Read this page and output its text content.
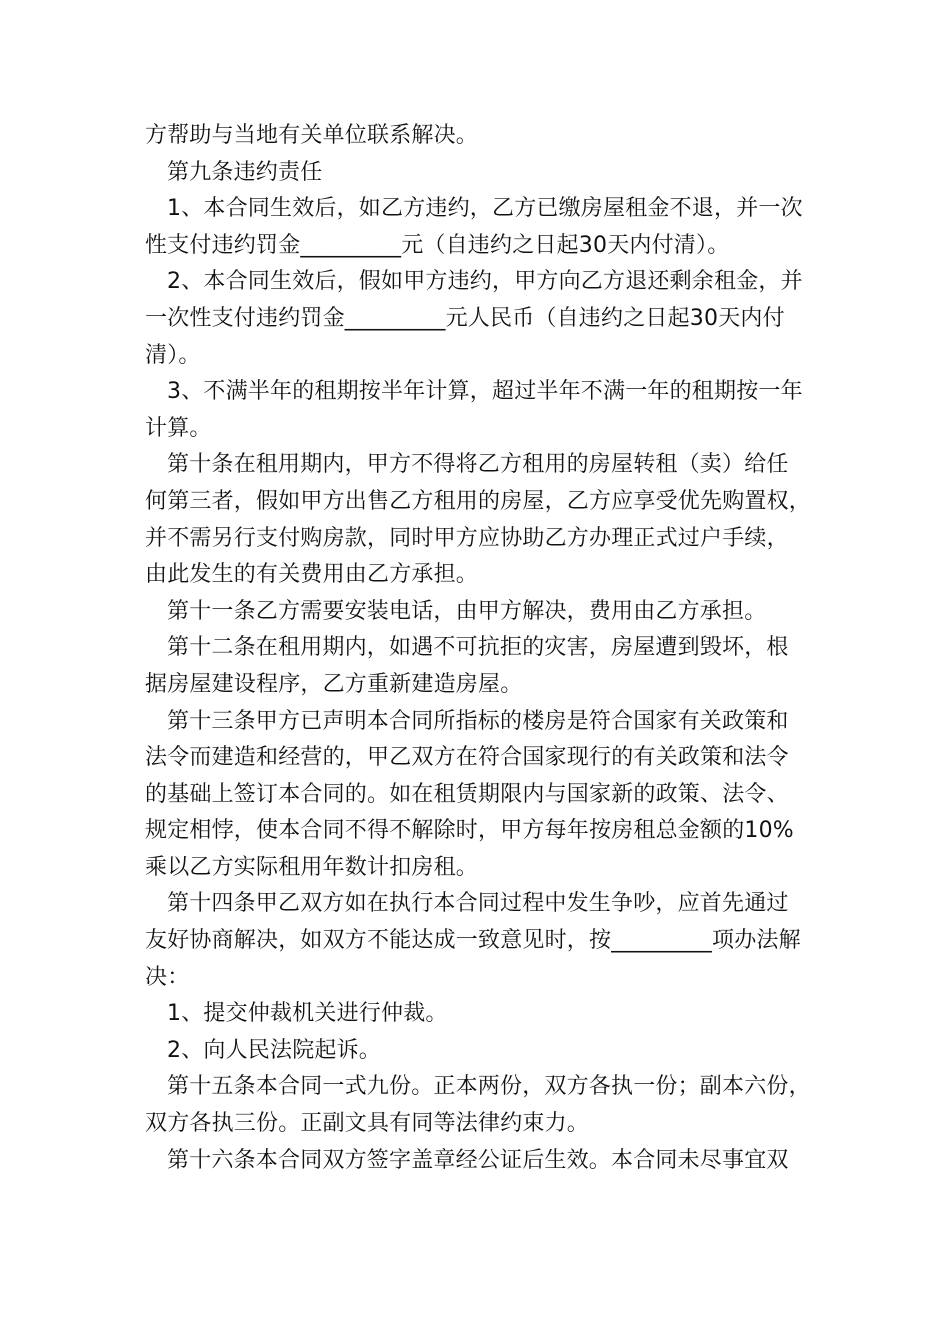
方帮助与当地有关单位联系解决。
第九条违约责任
1、本合同生效后，如乙方违约，乙方已缴房屋租金不退，并一次
性支付违约罚金_________元（自违约之日起30天内付清）。
2、本合同生效后，假如甲方违约，甲方向乙方退还剩余租金，并
一次性支付违约罚金_________元人民币（自违约之日起30天内付
清）。
3、不满半年的租期按半年计算，超过半年不满一年的租期按一年
计算。
第十条在租用期内，甲方不得将乙方租用的房屋转租（卖）给任
何第三者，假如甲方出售乙方租用的房屋，乙方应享受优先购置权，
并不需另行支付购房款，同时甲方应协助乙方办理正式过户手续，
由此发生的有关费用由乙方承担。
第十一条乙方需要安装电话，由甲方解决，费用由乙方承担。
第十二条在租用期内，如遇不可抗拒的灾害，房屋遭到毁坏，根
据房屋建设程序，乙方重新建造房屋。
第十三条甲方已声明本合同所指标的楼房是符合国家有关政策和
法令而建造和经营的，甲乙双方在符合国家现行的有关政策和法令
的基础上签订本合同的。如在租赁期限内与国家新的政策、法令、
规定相悖，使本合同不得不解除时，甲方每年按房租总金额的10%
乘以乙方实际租用年数计扣房租。
第十四条甲乙双方如在执行本合同过程中发生争吵，应首先通过
友好协商解决，如双方不能达成一致意见时，按_________项办法解
决：
1、提交仲裁机关进行仲裁。
2、向人民法院起诉。
第十五条本合同一式九份。正本两份，双方各执一份；副本六份，
双方各执三份。正副文具有同等法律约束力。
第十六条本合同双方签字盖章经公证后生效。本合同未尽事宜双
